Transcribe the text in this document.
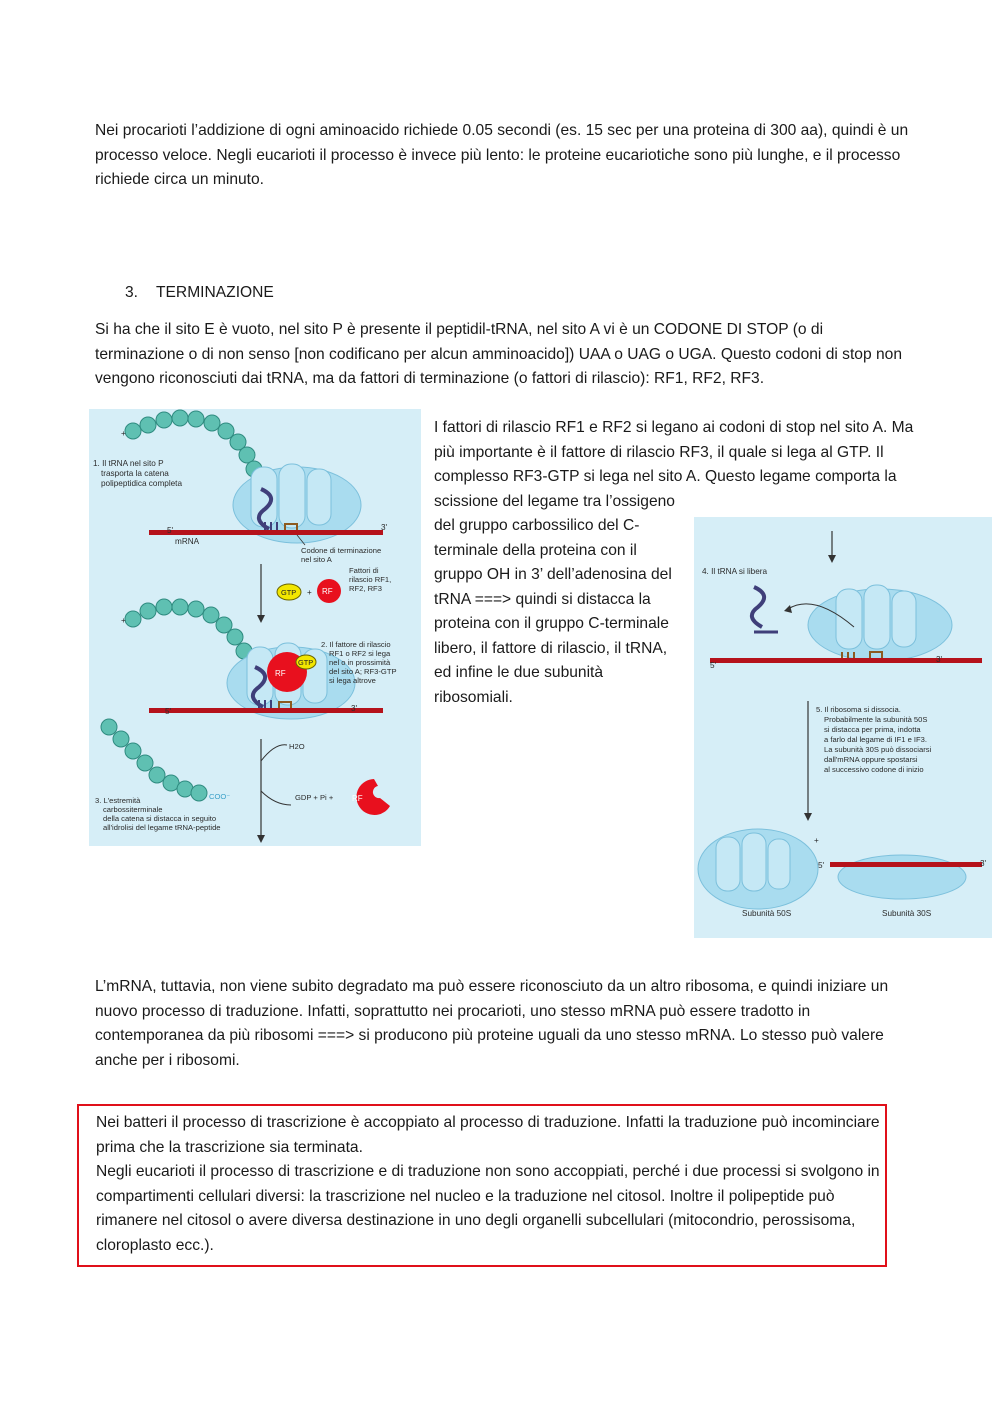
Nei procarioti l’addizione di ogni aminoacido richiede 0.05 secondi (es. 15 sec per una proteina di 300 aa), quindi è un processo veloce. Negli eucarioti il processo è invece più lento: le proteine eucariotiche sono più lunghe, e il processo richiede circa un minuto.

3. TERMINAZIONE

Si ha che il sito E è vuoto, nel sito P è presente il peptidil-tRNA, nel sito A vi è un CODONE DI STOP (o di terminazione o di non senso [non codificano per alcun amminoacido]) UAA o UAG o UGA. Questo codoni di stop non vengono riconosciuti dai tRNA, ma da fattori di terminazione (o fattori di rilascio): RF1, RF2, RF3.

+
5'	3'
mRNA
1. Il tRNA nel sito P trasporta la catena polipeptidica completa
Codone di terminazione nel sito A
GTP + RF
Fattori di rilascio RF1, RF2, RF3
+
RF
GTP
5'	3'
2. Il fattore di rilascio RF1 o RF2 si lega nel o in prossimità del sito A; RF3-GTP si lega altrove
H2O
GDP + Pi + RF
COO⁻
3. L'estremità carbossiterminale della catena si distacca in seguito all'idrolisi del legame tRNA-peptide
I fattori di rilascio RF1 e RF2 si legano ai codoni di stop nel sito A. Ma più importante è il fattore di rilascio RF3, il quale si lega al GTP. Il complesso RF3-GTP si lega nel sito A. Questo legame comporta la scissione del legame tra l’ossigeno
del gruppo carbossilico del C-terminale della proteina con il gruppo OH in 3’ dell’adenosina del tRNA ===> quindi si distacca la proteina con il gruppo C-terminale libero, il fattore di rilascio, il tRNA, ed infine le due subunità ribosomiali.
4. Il tRNA si libera
5'
3'
5. Il ribosoma si dissocia. Probabilmente la subunità 50S si distacca per prima, indotta a farlo dal legame di IF1 e IF3. La subunità 30S può dissociarsi dall'mRNA oppure spostarsi al successivo codone di inizio
+
5'	3'
Subunità 50S	Subunità 30S

L’mRNA, tuttavia, non viene subito degradato ma può essere riconosciuto da un altro ribosoma, e quindi iniziare un nuovo processo di traduzione. Infatti, soprattutto nei procarioti, uno stesso mRNA può essere tradotto in contemporanea da più ribosomi ===> si producono più proteine uguali da uno stesso mRNA. Lo stesso può valere anche per i ribosomi.

Nei batteri il processo di trascrizione è accoppiato al processo di traduzione. Infatti la traduzione può incominciare prima che la trascrizione sia terminata.
Negli eucarioti il processo di trascrizione e di traduzione non sono accoppiati, perché i due processi si svolgono in compartimenti cellulari diversi: la trascrizione nel nucleo e la traduzione nel citosol. Inoltre il polipeptide può rimanere nel citosol o avere diversa destinazione in uno degli organelli subcellulari (mitocondrio, perossisoma, cloroplasto ecc.).
